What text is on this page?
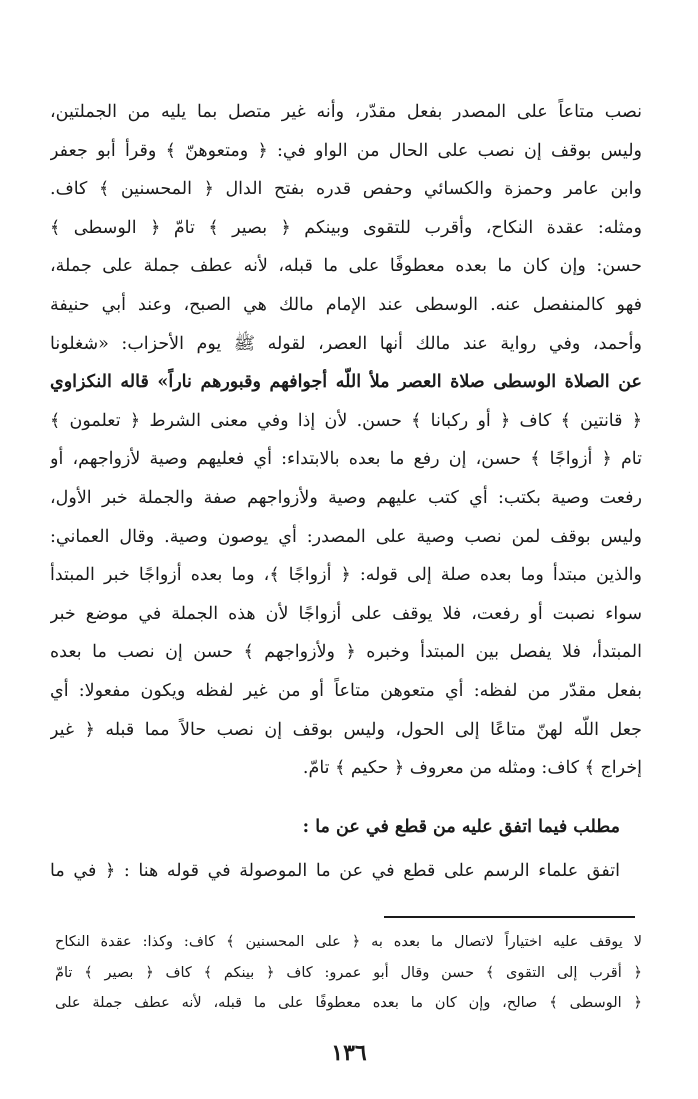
نصب متاعاً على المصدر بفعل مقدّر، وأنه غير متصل بما يليه من الجملتين،
وليس بوقف إن نصب على الحال من الواو في: ﴿ ومتعوهنّ ﴾ وقرأ أبو جعفر
وابن عامر وحمزة والكسائي وحفص قدره بفتح الدال ﴿ المحسنين ﴾ كاف.
ومثله: عقدة النكاح، وأقرب للتقوى وبينكم ﴿ بصير ﴾ تامّ ﴿ الوسطى ﴾
حسن: وإن كان ما بعده معطوفًا على ما قبله، لأنه عطف جملة على جملة،
فهو كالمنفصل عنه. الوسطى عند الإمام مالك هي الصبح، وعند أبي حنيفة
وأحمد، وفي رواية عند مالك أنها العصر، لقوله ﷺ يوم الأحزاب: «شغلونا
عن الصلاة الوسطى صلاة العصر ملأ اللّه أجوافهم وقبورهم ناراً» قاله النكزاوي
﴿ قانتين ﴾ كاف ﴿ أو ركبانا ﴾ حسن. لأن إذا وفي معنى الشرط ﴿ تعلمون ﴾
تام ﴿ أزواجًا ﴾ حسن، إن رفع ما بعده بالابتداء: أي فعليهم وصية لأزواجهم، أو
رفعت وصية بكتب: أي كتب عليهم وصية ولأزواجهم صفة والجملة خبر الأول،
وليس بوقف لمن نصب وصية على المصدر: أي يوصون وصية. وقال العماني:
والذين مبتدأ وما بعده صلة إلى قوله: ﴿ أزواجًا ﴾، وما بعده أزواجًا خبر المبتدأ
سواء نصبت أو رفعت، فلا يوقف على أزواجًا لأن هذه الجملة في موضع خبر
المبتدأ، فلا يفصل بين المبتدأ وخبره ﴿ ولأزواجهم ﴾ حسن إن نصب ما بعده
بفعل مقدّر من لفظه: أي متعوهن متاعاً أو من غير لفظه ويكون مفعولا: أي
جعل اللّه لهنّ متاعًا إلى الحول، وليس بوقف إن نصب حالاً مما قبله ﴿ غير
إخراج ﴾ كاف: ومثله من معروف ﴿ حكيم ﴾ تامّ.
مطلب فيما اتفق عليه من قطع في عن ما :
اتفق علماء الرسم على قطع في عن ما الموصولة في قوله هنا : ﴿ في ما
لا يوقف عليه اختياراً لاتصال ما بعده به ﴿ على المحسنين ﴾ كاف: وكذا: عقدة النكاح
﴿ أقرب إلى التقوى ﴾ حسن وقال أبو عمرو: كاف ﴿ بينكم ﴾ كاف ﴿ بصير ﴾ تامّ
﴿ الوسطى ﴾ صالح، وإن كان ما بعده معطوفًا على ما قبله، لأنه عطف جملة على
١٣٦
